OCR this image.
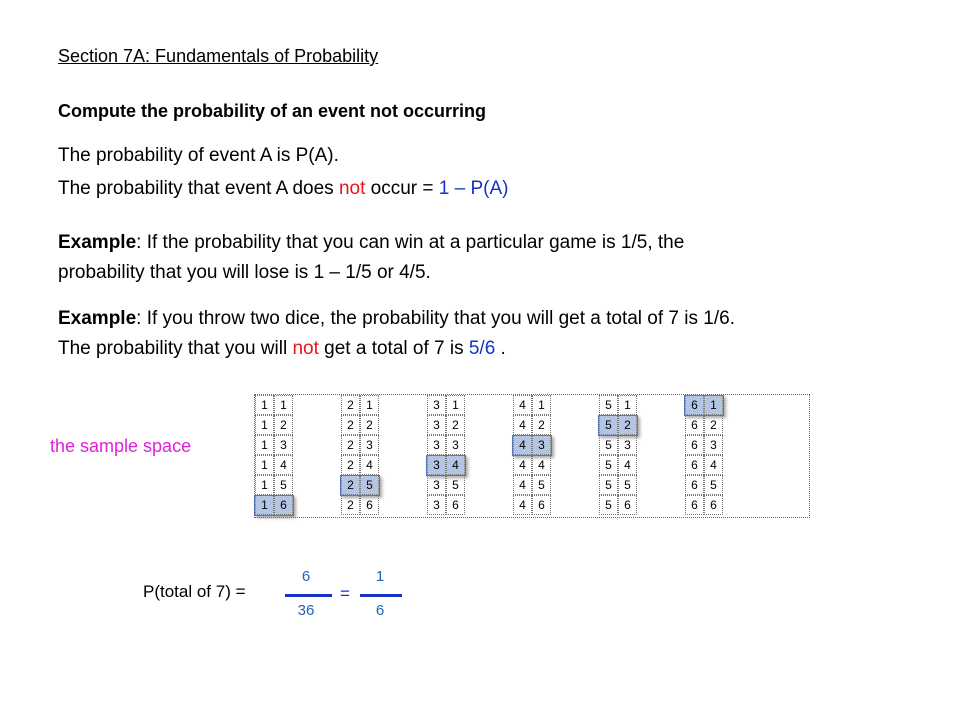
Section 7A: Fundamentals of Probability
Compute the probability of an event not occurring
The probability of event A is P(A).
The probability that event A does not occur = 1 – P(A)
Example: If the probability that you can win at a particular game is 1/5, the
probability that you will lose is 1 – 1/5 or 4/5.
Example: If you throw two dice, the probability that you will get a total of 7 is 1/6.
The probability that you will not get a total of 7 is 5/6 .
the sample space
1	1	2	1	3	1	4	1	5	1	6	1
1	2	2	2	3	2	4	2	5	2	6	2
1	3	2	3	3	3	4	3	5	3	6	3
1	4	2	4	3	4	4	4	5	4	6	4
1	5	2	5	3	5	4	5	5	5	6	5
1	6	2	6	3	6	4	6	5	6	6	6
P(total of 7) =
6
36
=
1
6
